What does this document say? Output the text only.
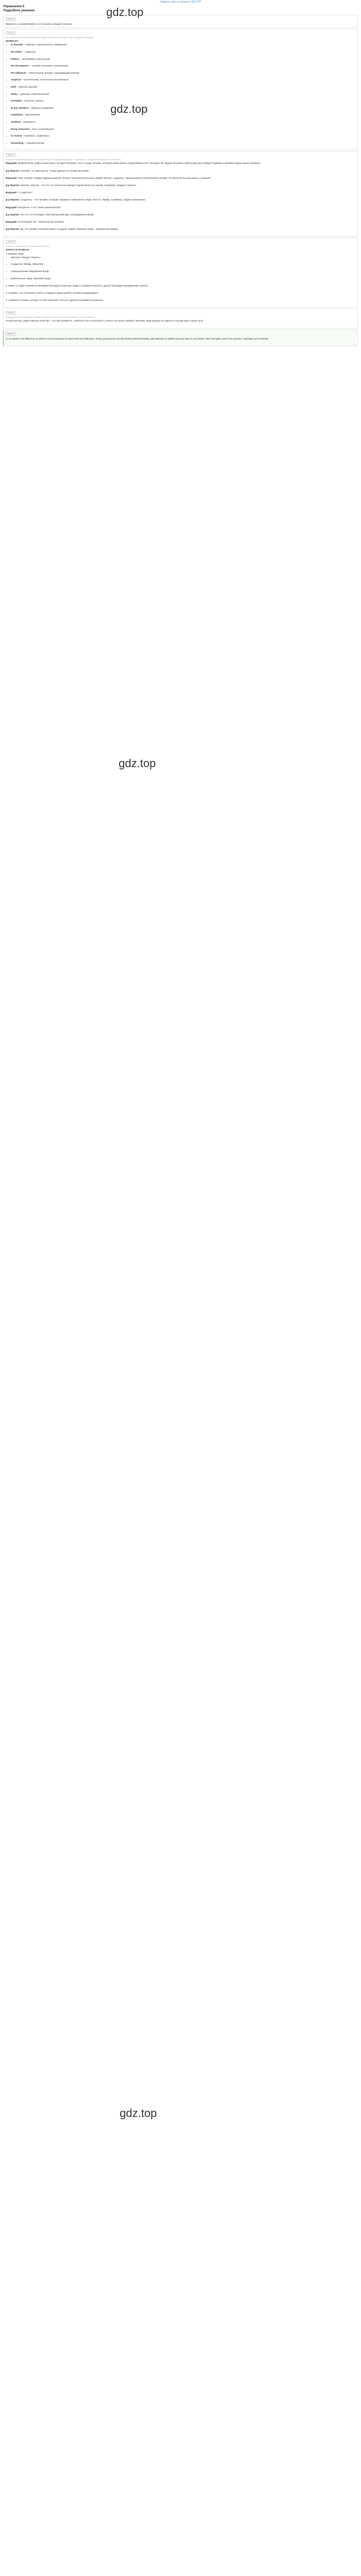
Найдите ещё по вопросу ГДЗ ТОП
Упражнение 8	gdz.top
Подробное решение
Задание
Вернитесь к упражнениям 2 и 4 B группах обсудите вопросы
Задание
По возможности используйте новые слова и выражения из урока, при обсуждении задания.
WORDLIST
• to flounder – мямлить, нерешительно, неуверенно
• the maker – создатель
• tireless – неутомимый, неустанный
• the introspector – человек склонный к самоанализу
• the influencer – влиятельный человек, оказывающий влияние
• sceptical – скептический, скептически настроенный
• bold – смелый, дерзкий
• bratty – ужасный, отвратительный
• strengths – сильные стороны
• to pay attention – обращать внимание
• inspiration – вдохновение
• modesty – скромность
• being conscious – быть сознательным
• to involve – вовлекать, привлекать
• fascinating – очаровательный
gdz.top
Задание
Вспомните биографию одного из великих людей. Подготовьте диалог с партнёром, в котором вы обсудите его личность.

Ведущий: Добрый вечер, добро пожаловать! Сегодня вечером у нас в студии человек, который своим умом и трудолюбием стал легендой. Мы будем обсуждать работу Доктора Говарда Гарднера о великих людях нашего времени.

Д-р Мартин: Спасибо, что пригласили. Я рад поделиться своими мыслями.

Ведущий: Итак, начнём. Говард Гарднер выделил четыре типа исключительных людей: мастер, создатель, самоаналитик и влиятельный человек. Не могли бы вы рассказать о каждом?

Д-р Мартин: Конечно. Мастер – это тот, кто полностью овладел одной областью знаний. Например, Моцарт в музыке.

Ведущий: А создатель?

Д-р Мартин: Создатель – это человек, который открывает совершенно новую область. Фрейд, к примеру, создал психоанализ.

Ведущий: Интересно. А кто такой самоаналитик?

Д-р Мартин: Это тот, кто исследует свой внутренний мир, как Вирджиния Вулф.

Ведущий: И последний тип – влиятельный человек?

Д-р Мартин: Да, это человек, который влияет на других людей. Махатма Ганди – прекрасный пример.

gdz.top
Задание
Ответьте на вопросы по прочитанному тексту.
Ответы на вопросы
1. Видные люди:
• Мастера: Моцарт, Пикассо.
• Создатели: Фрейд, Эйнштейн.
• Самоаналитики: Вирджиния Вулф.
• Влиятельные люди: Махатма Ганди.
2. Какие-то люди становятся великими благодаря упорному труду и сосредоточенности, другие благодаря врождённому таланту.
3. Я думаю, что сочетание таланта, усердия и удачи делает человека выдающимся.
4. Скромность важна, потому что она позволяет учиться у других и развиваться дальше.
gdz.top
Задание
Подведите итоги обсуждения. Какие качества, по вашему мнению, важнее всего для успеха?

На мой взгляд, самые важные качества – это настойчивость, любопытство и способность учиться на своих ошибках. Великие люди никогда не сдаются и всегда ищут новые пути.

Задание

In my opinion, the difference in talent is not as important as hard work and dedication. Every great person we discussed worked tirelessly, paid attention to details and was open to new ideas. Their strengths came from practice, inspiration and modesty.
